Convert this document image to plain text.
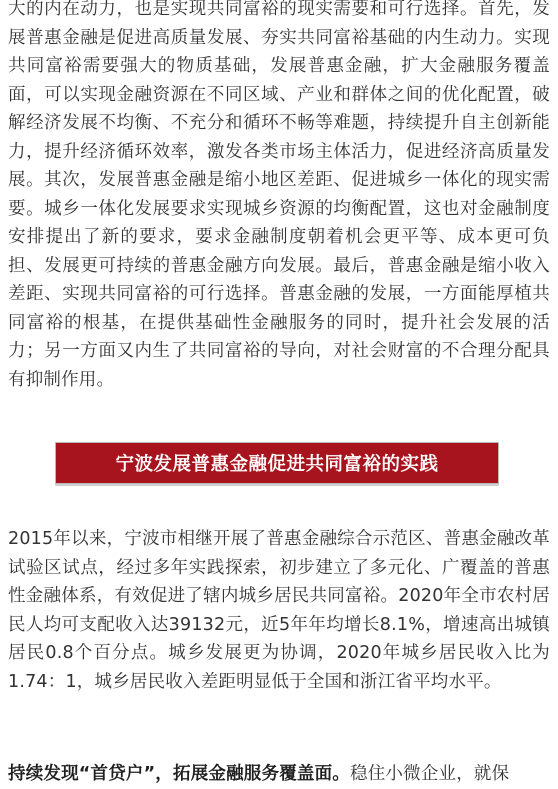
大的内在动力，也是实现共同富裕的现实需要和可行选择。首先，发展普惠金融是促进高质量发展、夯实共同富裕基础的内生动力。实现共同富裕需要强大的物质基础，发展普惠金融，扩大金融服务覆盖面，可以实现金融资源在不同区域、产业和群体之间的优化配置，破解经济发展不均衡、不充分和循环不畅等难题，持续提升自主创新能力，提升经济循环效率，激发各类市场主体活力，促进经济高质量发展。其次，发展普惠金融是缩小地区差距、促进城乡一体化的现实需要。城乡一体化发展要求实现城乡资源的均衡配置，这也对金融制度安排提出了新的要求，要求金融制度朝着机会更平等、成本更可负担、发展更可持续的普惠金融方向发展。最后，普惠金融是缩小收入差距、实现共同富裕的可行选择。普惠金融的发展，一方面能厚植共同富裕的根基，在提供基础性金融服务的同时，提升社会发展的活力；另一方面又内生了共同富裕的导向，对社会财富的不合理分配具有抑制作用。

宁波发展普惠金融促进共同富裕的实践

2015年以来，宁波市相继开展了普惠金融综合示范区、普惠金融改革试验区试点，经过多年实践探索，初步建立了多元化、广覆盖的普惠性金融体系，有效促进了辖内城乡居民共同富裕。2020年全市农村居民人均可支配收入达39132元，近5年年均增长8.1%，增速高出城镇居民0.8个百分点。城乡发展更为协调，2020年城乡居民收入比为1.74：1，城乡居民收入差距明显低于全国和浙江省平均水平。

持续发现“首贷户”，拓展金融服务覆盖面。稳住小微企业，就保
